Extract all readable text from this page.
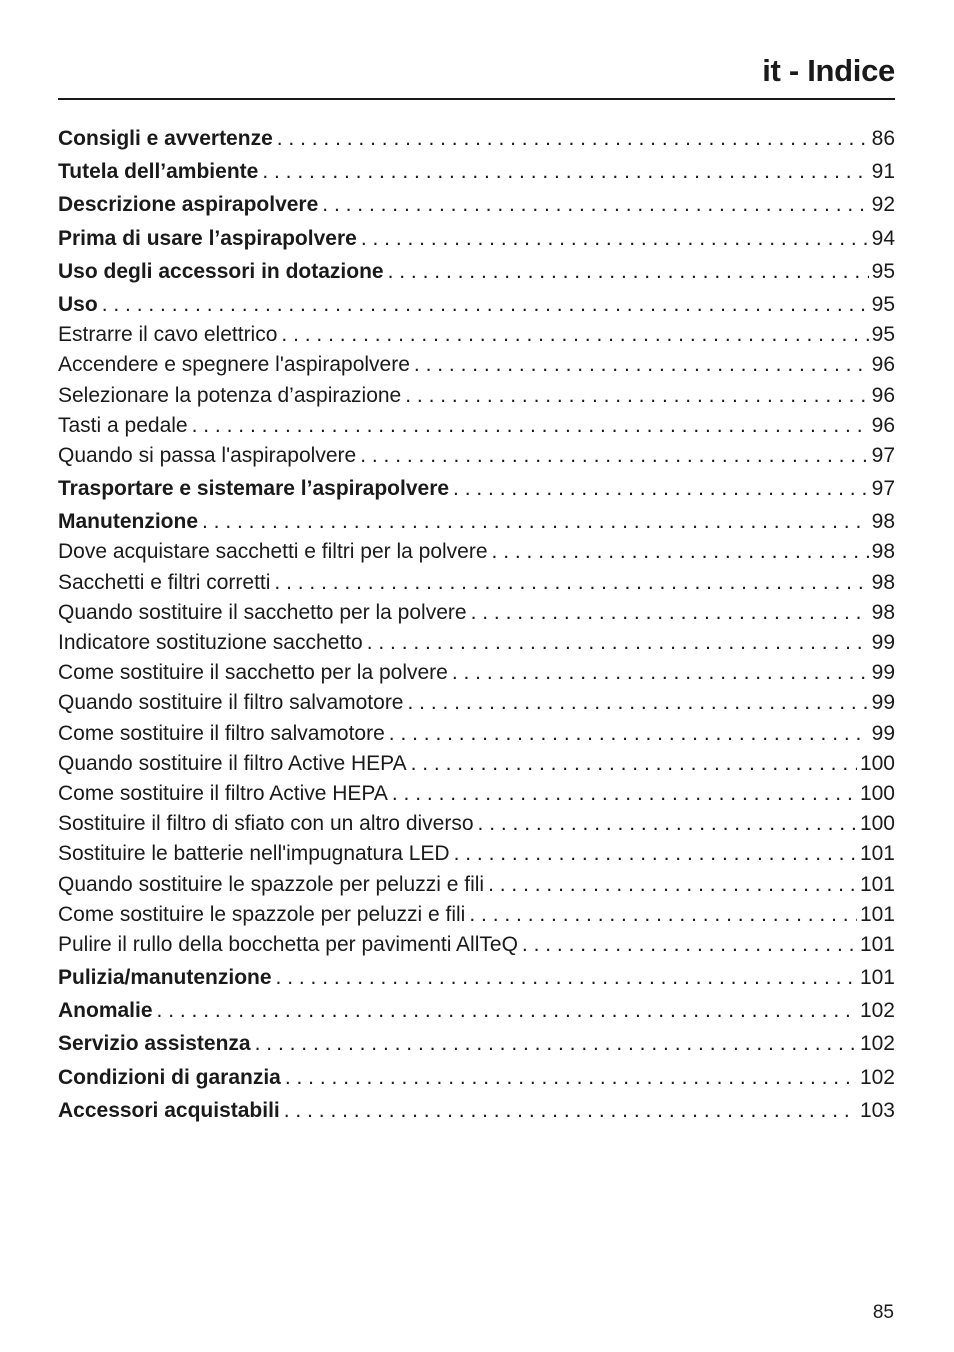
it - Indice
Consigli e avvertenze . . .	86
Tutela dell’ambiente . . .	91
Descrizione aspirapolvere . . .	92
Prima di usare l’aspirapolvere . . .	94
Uso degli accessori in dotazione . . .	95
Uso . . .	95
Estrarre il cavo elettrico . . .	95
Accendere e spegnere l'aspirapolvere . . .	96
Selezionare la potenza d’aspirazione . . .	96
Tasti a pedale . . .	96
Quando si passa l'aspirapolvere . . .	97
Trasportare e sistemare l’aspirapolvere . . .	97
Manutenzione . . .	98
Dove acquistare sacchetti e filtri per la polvere . . .	98
Sacchetti e filtri corretti . . .	98
Quando sostituire il sacchetto per la polvere . . .	98
Indicatore sostituzione sacchetto . . .	99
Come sostituire il sacchetto per la polvere . . .	99
Quando sostituire il filtro salvamotore . . .	99
Come sostituire il filtro salvamotore . . .	99
Quando sostituire il filtro Active HEPA . . .	100
Come sostituire il filtro Active HEPA . . .	100
Sostituire il filtro di sfiato con un altro diverso . . .	100
Sostituire le batterie nell'impugnatura LED . . .	101
Quando sostituire le spazzole per peluzzi e fili . . .	101
Come sostituire le spazzole per peluzzi e fili . . .	101
Pulire il rullo della bocchetta per pavimenti AllTeQ . . .	101
Pulizia/manutenzione . . .	101
Anomalie . . .	102
Servizio assistenza . . .	102
Condizioni di garanzia . . .	102
Accessori acquistabili . . .	103
85
